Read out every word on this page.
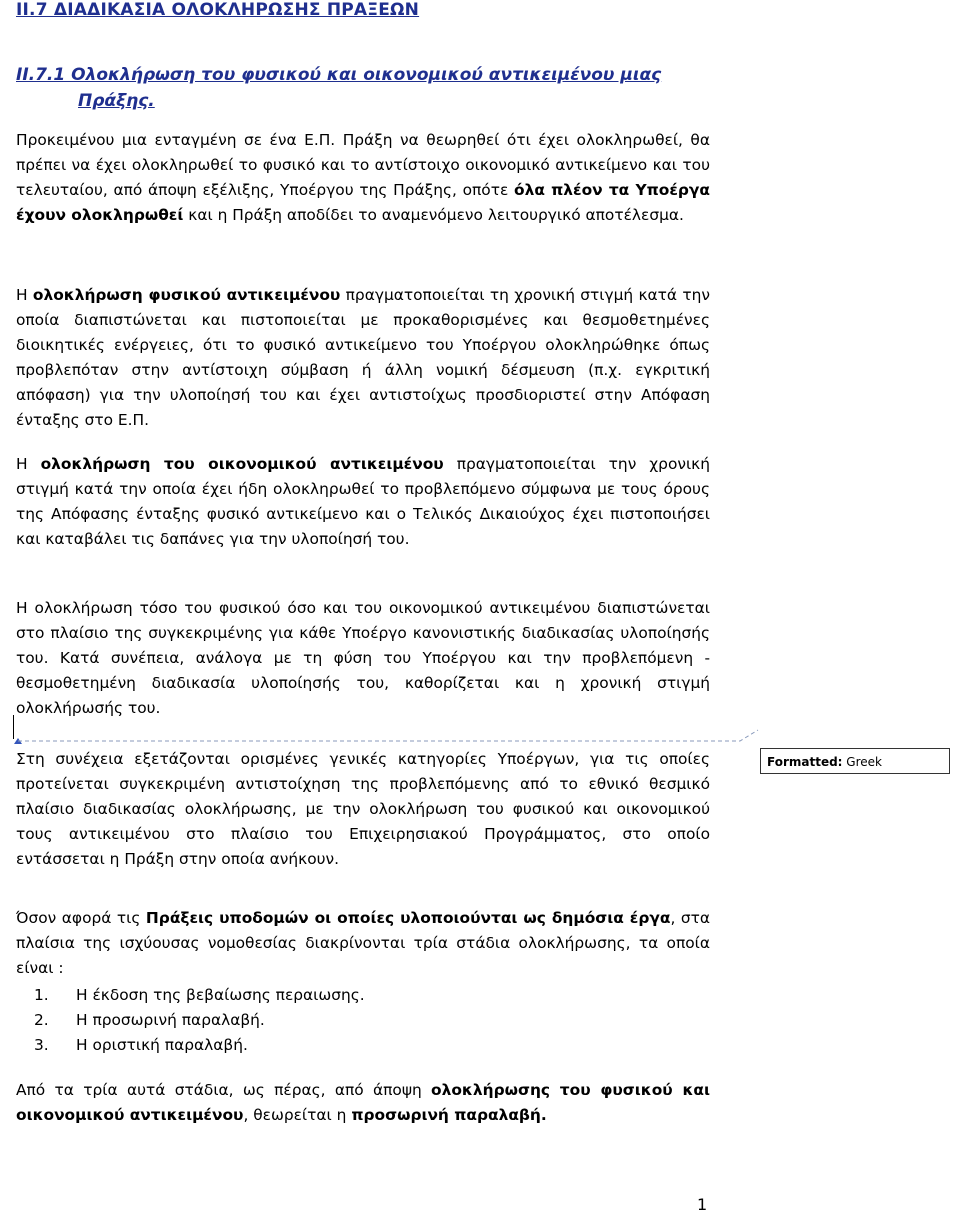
II.7 ΔΙΑΔΙΚΑΣΙΑ ΟΛΟΚΛΗΡΩΣΗΣ ΠΡΑΞΕΩΝ
II.7.1 Ολοκλήρωση του φυσικού και οικονομικού αντικειμένου μιας
Πράξης.
Προκειμένου μια ενταγμένη σε ένα Ε.Π. Πράξη να θεωρηθεί ότι έχει ολοκληρωθεί, θα πρέπει να έχει ολοκληρωθεί το φυσικό και το αντίστοιχο οικονομικό αντικείμενο και του τελευταίου, από άποψη εξέλιξης, Υποέργου της Πράξης, οπότε όλα πλέον τα Υποέργα έχουν ολοκληρωθεί και η Πράξη αποδίδει το αναμενόμενο λειτουργικό αποτέλεσμα.
Η ολοκλήρωση φυσικού αντικειμένου πραγματοποιείται τη χρονική στιγμή κατά την οποία διαπιστώνεται και πιστοποιείται με προκαθορισμένες και θεσμοθετημένες διοικητικές ενέργειες, ότι το φυσικό αντικείμενο του Υποέργου ολοκληρώθηκε όπως προβλεπόταν στην αντίστοιχη σύμβαση ή άλλη νομική δέσμευση (π.χ. εγκριτική απόφαση) για την υλοποίησή του και έχει αντιστοίχως προσδιοριστεί στην Απόφαση ένταξης στο Ε.Π.
Η ολοκλήρωση του οικονομικού αντικειμένου πραγματοποιείται την χρονική στιγμή κατά την οποία έχει ήδη ολοκληρωθεί το προβλεπόμενο σύμφωνα με τους όρους της Απόφασης ένταξης φυσικό αντικείμενο και ο Τελικός Δικαιούχος έχει πιστοποιήσει και καταβάλει τις δαπάνες για την υλοποίησή του.
Η ολοκλήρωση τόσο του φυσικού όσο και του οικονομικού αντικειμένου διαπιστώνεται στο πλαίσιο της συγκεκριμένης για κάθε Υποέργο κανονιστικής διαδικασίας υλοποίησής του. Κατά συνέπεια, ανάλογα με τη φύση του Υποέργου και την προβλεπόμενη - θεσμοθετημένη διαδικασία υλοποίησής του, καθορίζεται και η χρονική στιγμή ολοκλήρωσής του.
Στη συνέχεια εξετάζονται ορισμένες γενικές κατηγορίες Υποέργων, για τις οποίες προτείνεται συγκεκριμένη αντιστοίχηση της προβλεπόμενης από το εθνικό θεσμικό πλαίσιο διαδικασίας ολοκλήρωσης, με την ολοκλήρωση του φυσικού και οικονομικού τους αντικειμένου στο πλαίσιο του Επιχειρησιακού Προγράμματος, στο οποίο εντάσσεται η Πράξη στην οποία ανήκουν.
Όσον αφορά τις Πράξεις υποδομών οι οποίες υλοποιούνται ως δημόσια έργα, στα πλαίσια της ισχύουσας νομοθεσίας διακρίνονται τρία στάδια ολοκλήρωσης, τα οποία είναι :
1.	Η έκδοση της βεβαίωσης περαιωσης.
2.	Η προσωρινή παραλαβή.
3.	Η οριστική παραλαβή.
Από τα τρία αυτά στάδια, ως πέρας, από άποψη ολοκλήρωσης του φυσικού και οικονομικού αντικειμένου, θεωρείται η προσωρινή παραλαβή.
Formatted: Greek
1
